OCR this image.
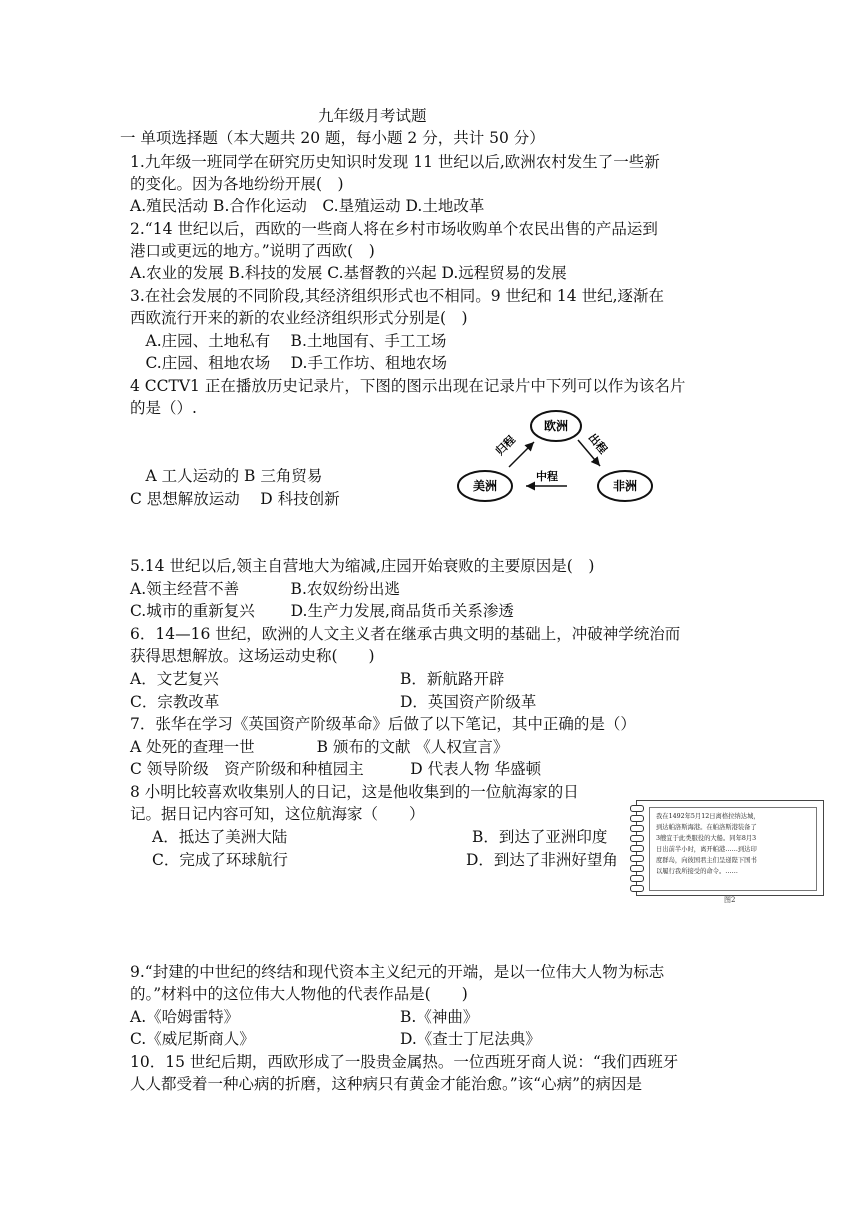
九年级月考试题
一 单项选择题（本大题共 20 题，每小题 2 分，共计 50 分）
1.九年级一班同学在研究历史知识时发现 11 世纪以后,欧洲农村发生了一些新
的变化。因为各地纷纷开展(　)
A.殖民活动 B.合作化运动　C.垦殖运动 D.土地改革
2.“14 世纪以后，西欧的一些商人将在乡村市场收购单个农民出售的产品运到
港口或更远的地方。”说明了西欧(　)
A.农业的发展 B.科技的发展 C.基督教的兴起 D.远程贸易的发展
3.在社会发展的不同阶段,其经济组织形式也不相同。9 世纪和 14 世纪,逐渐在
西欧流行开来的新的农业经济组织形式分别是(　)
　A.庄园、土地私有　 B.土地国有、手工工场
　C.庄园、租地农场　 D.手工作坊、租地农场
4 CCTV1 正在播放历史记录片，下图的图示出现在记录片中下列可以作为该名片
的是（）.
　A 工人运动的 B 三角贸易
C 思想解放运动　 D 科技创新
欧洲
美洲	非洲
归程	出程
中程
5.14 世纪以后,领主自营地大为缩减,庄园开始衰败的主要原因是(　)
A.领主经营不善　　　 B.农奴纷纷出逃
C.城市的重新复兴　　 D.生产力发展,商品货币关系渗透
6．14—16 世纪，欧洲的人文主义者在继承古典文明的基础上，冲破神学统治而
获得思想解放。这场运动史称(　　)
A．文艺复兴	B．新航路开辟
C．宗教改革	D．英国资产阶级革
7．张华在学习《英国资产阶级革命》后做了以下笔记，其中正确的是（）
A 处死的查理一世　　　　B 颁布的文献 《人权宣言》
C 领导阶级　资产阶级和种植园主　　　D 代表人物 华盛顿
8 小明比较喜欢收集别人的日记，这是他收集到的一位航海家的日
记。据日记内容可知，这位航海家（　　）
A．抵达了美洲大陆	B．到达了亚洲印度
C．完成了环球航行	D．到达了非洲好望角
我在1492年5月12日离格拉纳达城，
到达帕洛斯海港。在帕洛斯港装备了
3艘宜于此类服役的大船。同年8月3
日出前半小时，离开帕港……到达印
度群岛，向彼国君主们呈递陛下国书
以履行我所接受的命令。……
图2
9.“封建的中世纪的终结和现代资本主义纪元的开端，是以一位伟大人物为标志
的。”材料中的这位伟大人物他的代表作品是(　　)
A.《哈姆雷特》	B.《神曲》
C.《威尼斯商人》	D.《查士丁尼法典》
10．15 世纪后期，西欧形成了一股贵金属热。一位西班牙商人说：“我们西班牙
人人都受着一种心病的折磨，这种病只有黄金才能治愈。”该“心病”的病因是
